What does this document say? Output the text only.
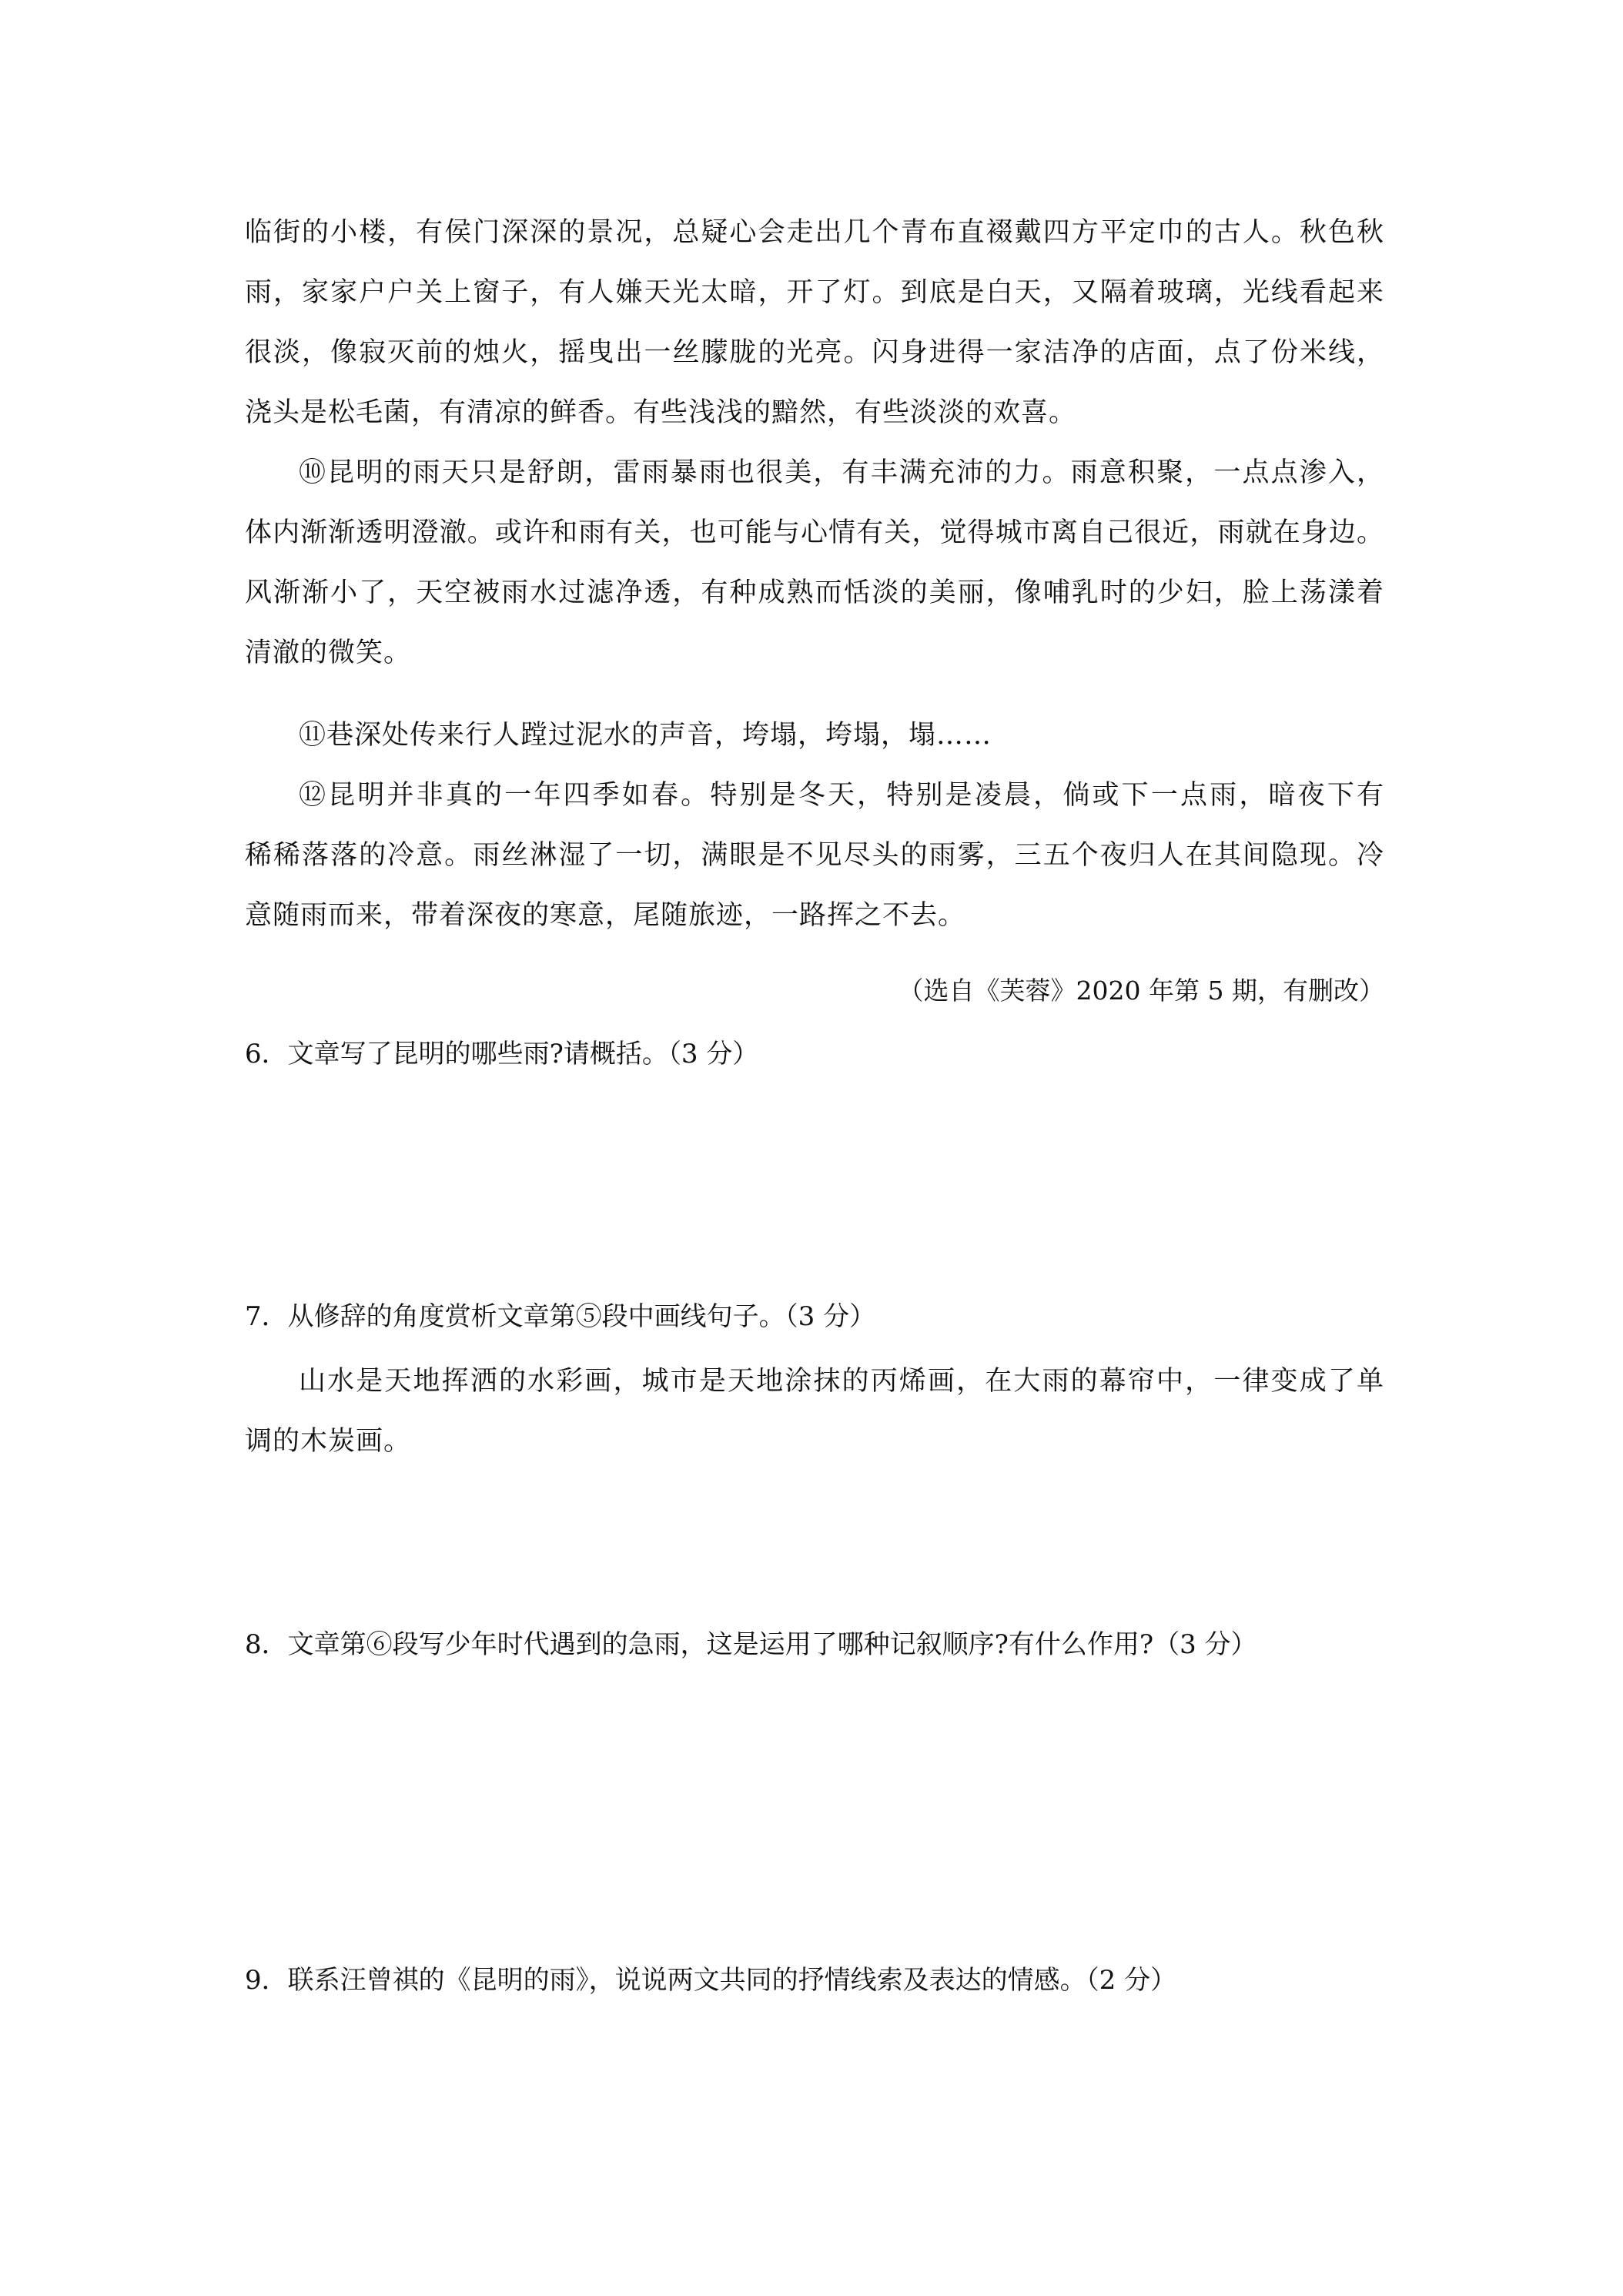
临街的小楼，有侯门深深的景况，总疑心会走出几个青布直裰戴四方平定巾的古人。秋色秋
雨，家家户户关上窗子，有人嫌天光太暗，开了灯。到底是白天，又隔着玻璃，光线看起来
很淡，像寂灭前的烛火，摇曳出一丝朦胧的光亮。闪身进得一家洁净的店面，点了份米线，
浇头是松毛菌，有清凉的鲜香。有些浅浅的黯然，有些淡淡的欢喜。
⑩昆明的雨天只是舒朗，雷雨暴雨也很美，有丰满充沛的力。雨意积聚，一点点渗入，
体内渐渐透明澄澈。或许和雨有关，也可能与心情有关，觉得城市离自己很近，雨就在身边。
风渐渐小了，天空被雨水过滤净透，有种成熟而恬淡的美丽，像哺乳时的少妇，脸上荡漾着
清澈的微笑。
⑪巷深处传来行人蹚过泥水的声音，垮塌，垮塌，塌……
⑫昆明并非真的一年四季如春。特别是冬天，特别是凌晨，倘或下一点雨，暗夜下有
稀稀落落的冷意。雨丝淋湿了一切，满眼是不见尽头的雨雾，三五个夜归人在其间隐现。冷
意随雨而来，带着深夜的寒意，尾随旅迹，一路挥之不去。
（选自《芙蓉》2020 年第 5 期，有删改）
6．文章写了昆明的哪些雨?请概括。（3 分）
7．从修辞的角度赏析文章第⑤段中画线句子。（3 分）
山水是天地挥洒的水彩画，城市是天地涂抹的丙烯画，在大雨的幕帘中，一律变成了单
调的木炭画。
8．文章第⑥段写少年时代遇到的急雨，这是运用了哪种记叙顺序?有什么作用?（3 分）
9．联系汪曾祺的《昆明的雨》，说说两文共同的抒情线索及表达的情感。（2 分）
